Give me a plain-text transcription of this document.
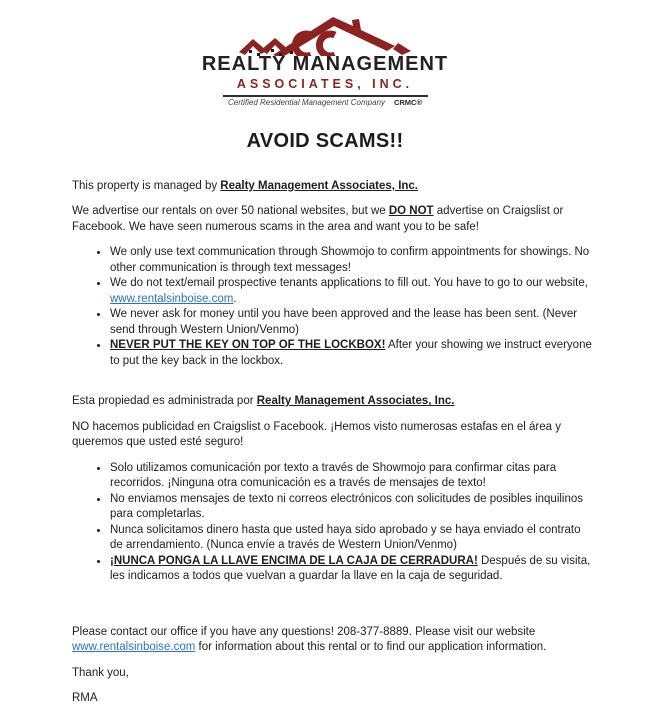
REALTY MANAGEMENT
ASSOCIATES, INC.
Certified Residential Management Company CRMC®
AVOID SCAMS!!

This property is managed by Realty Management Associates, Inc.

We advertise our rentals on over 50 national websites, but we DO NOT advertise on Craigslist or Facebook. We have seen numerous scams in the area and want you to be safe!

• We only use text communication through Showmojo to confirm appointments for showings. No other communication is through text messages!
• We do not text/email prospective tenants applications to fill out. You have to go to our website, www.rentalsinboise.com.
• We never ask for money until you have been approved and the lease has been sent. (Never send through Western Union/Venmo)
• NEVER PUT THE KEY ON TOP OF THE LOCKBOX! After your showing we instruct everyone to put the key back in the lockbox.

Esta propiedad es administrada por Realty Management Associates, Inc.

NO hacemos publicidad en Craigslist o Facebook. ¡Hemos visto numerosas estafas en el área y queremos que usted esté seguro!

• Solo utilizamos comunicación por texto a través de Showmojo para confirmar citas para recorridos. ¡Ninguna otra comunicación es a través de mensajes de texto!
• No enviamos mensajes de texto ni correos electrónicos con solicitudes de posibles inquilinos para completarlas.
• Nunca solicitamos dinero hasta que usted haya sido aprobado y se haya enviado el contrato de arrendamiento. (Nunca envíe a través de Western Union/Venmo)
• ¡NUNCA PONGA LA LLAVE ENCIMA DE LA CAJA DE CERRADURA! Después de su visita, les indicamos a todos que vuelvan a guardar la llave en la caja de seguridad.

Please contact our office if you have any questions! 208-377-8889. Please visit our website www.rentalsinboise.com for information about this rental or to find our application information.

Thank you,

RMA
